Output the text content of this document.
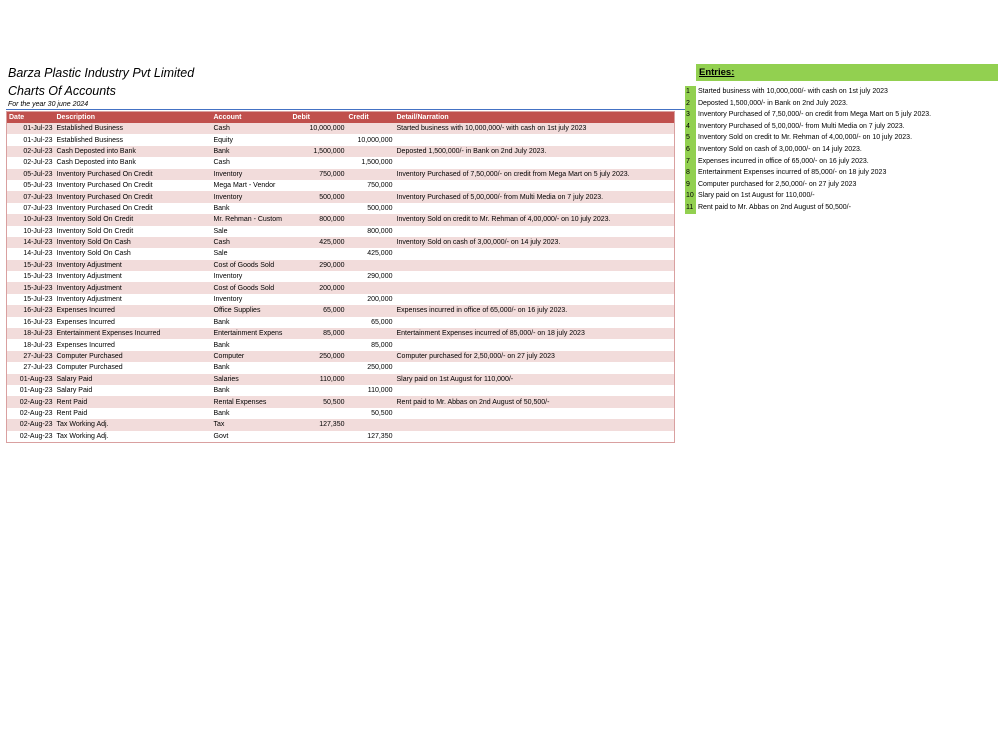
Barza Plastic Industry Pvt Limited
Charts Of Accounts
For the year 30 june 2024
Date	Description	Account	Debit	Credit	Detail/Narration
01-Jul-23	Established Business	Cash	10,000,000		Started business with 10,000,000/- with cash on 1st july 2023
01-Jul-23	Established Business	Equity		10,000,000	
02-Jul-23	Cash Deposted into Bank	Bank	1,500,000		Deposted 1,500,000/- in Bank on 2nd July 2023.
02-Jul-23	Cash Deposted into Bank	Cash		1,500,000	
05-Jul-23	Inventory Purchased On Credit	Inventory	750,000		Inventory Purchased of 7,50,000/- on credit from Mega Mart on 5 july 2023.
05-Jul-23	Inventory Purchased On Credit	Mega Mart - Vendor		750,000	
07-Jul-23	Inventory Purchased On Credit	Inventory	500,000		Inventory Purchased of 5,00,000/- from Multi Media on 7 july 2023.
07-Jul-23	Inventory Purchased On Credit	Bank		500,000	
10-Jul-23	Inventory Sold On Credit	Mr. Rehman - Custom	800,000		Inventory Sold on credit to Mr. Rehman of 4,00,000/- on 10 july 2023.
10-Jul-23	Inventory Sold On Credit	Sale		800,000	
14-Jul-23	Inventory Sold On Cash	Cash	425,000		Inventory Sold on cash of 3,00,000/- on 14 july 2023.
14-Jul-23	Inventory Sold On Cash	Sale		425,000	
15-Jul-23	Inventory Adjustment	Cost of Goods Sold	290,000		
15-Jul-23	Inventory Adjustment	Inventory		290,000	
15-Jul-23	Inventory Adjustment	Cost of Goods Sold	200,000		
15-Jul-23	Inventory Adjustment	Inventory		200,000	
16-Jul-23	Expenses Incurred	Office Supplies	65,000		Expenses incurred in office of 65,000/- on 16 july 2023.
16-Jul-23	Expenses Incurred	Bank		65,000	
18-Jul-23	Entertainment Expenses Incurred	Entertainment Expens	85,000		Entertainment Expenses incurred of 85,000/- on 18 july 2023
18-Jul-23	Expenses Incurred	Bank		85,000	
27-Jul-23	Computer Purchased	Computer	250,000		Computer purchased for 2,50,000/- on 27 july 2023
27-Jul-23	Computer Purchased	Bank		250,000	
01-Aug-23	Salary Paid	Salaries	110,000		Slary paid on 1st August for 110,000/-
01-Aug-23	Salary Paid	Bank		110,000	
02-Aug-23	Rent Paid	Rental Expenses	50,500		Rent paid to Mr. Abbas on 2nd August of 50,500/-
02-Aug-23	Rent Paid	Bank		50,500	
02-Aug-23	Tax Working Adj.	Tax	127,350		
02-Aug-23	Tax Working Adj.	Govt		127,350	
Entries:
1	Started business with 10,000,000/- with cash on 1st july 2023
2	Deposted 1,500,000/- in Bank on 2nd July 2023.
3	Inventory Purchased of 7,50,000/- on credit from Mega Mart on 5 july 2023.
4	Inventory Purchased of 5,00,000/- from Multi Media on 7 july 2023.
5	Inventory Sold on credit to Mr. Rehman of 4,00,000/- on 10 july 2023.
6	Inventory Sold on cash of 3,00,000/- on 14 july 2023.
7	Expenses incurred in office of 65,000/- on 16 july 2023.
8	Entertainment Expenses incurred of 85,000/- on 18 july 2023
9	Computer purchased for 2,50,000/- on 27 july 2023
10 Slary paid on 1st August for 110,000/-
11 Rent paid to Mr. Abbas on 2nd August of 50,500/-
